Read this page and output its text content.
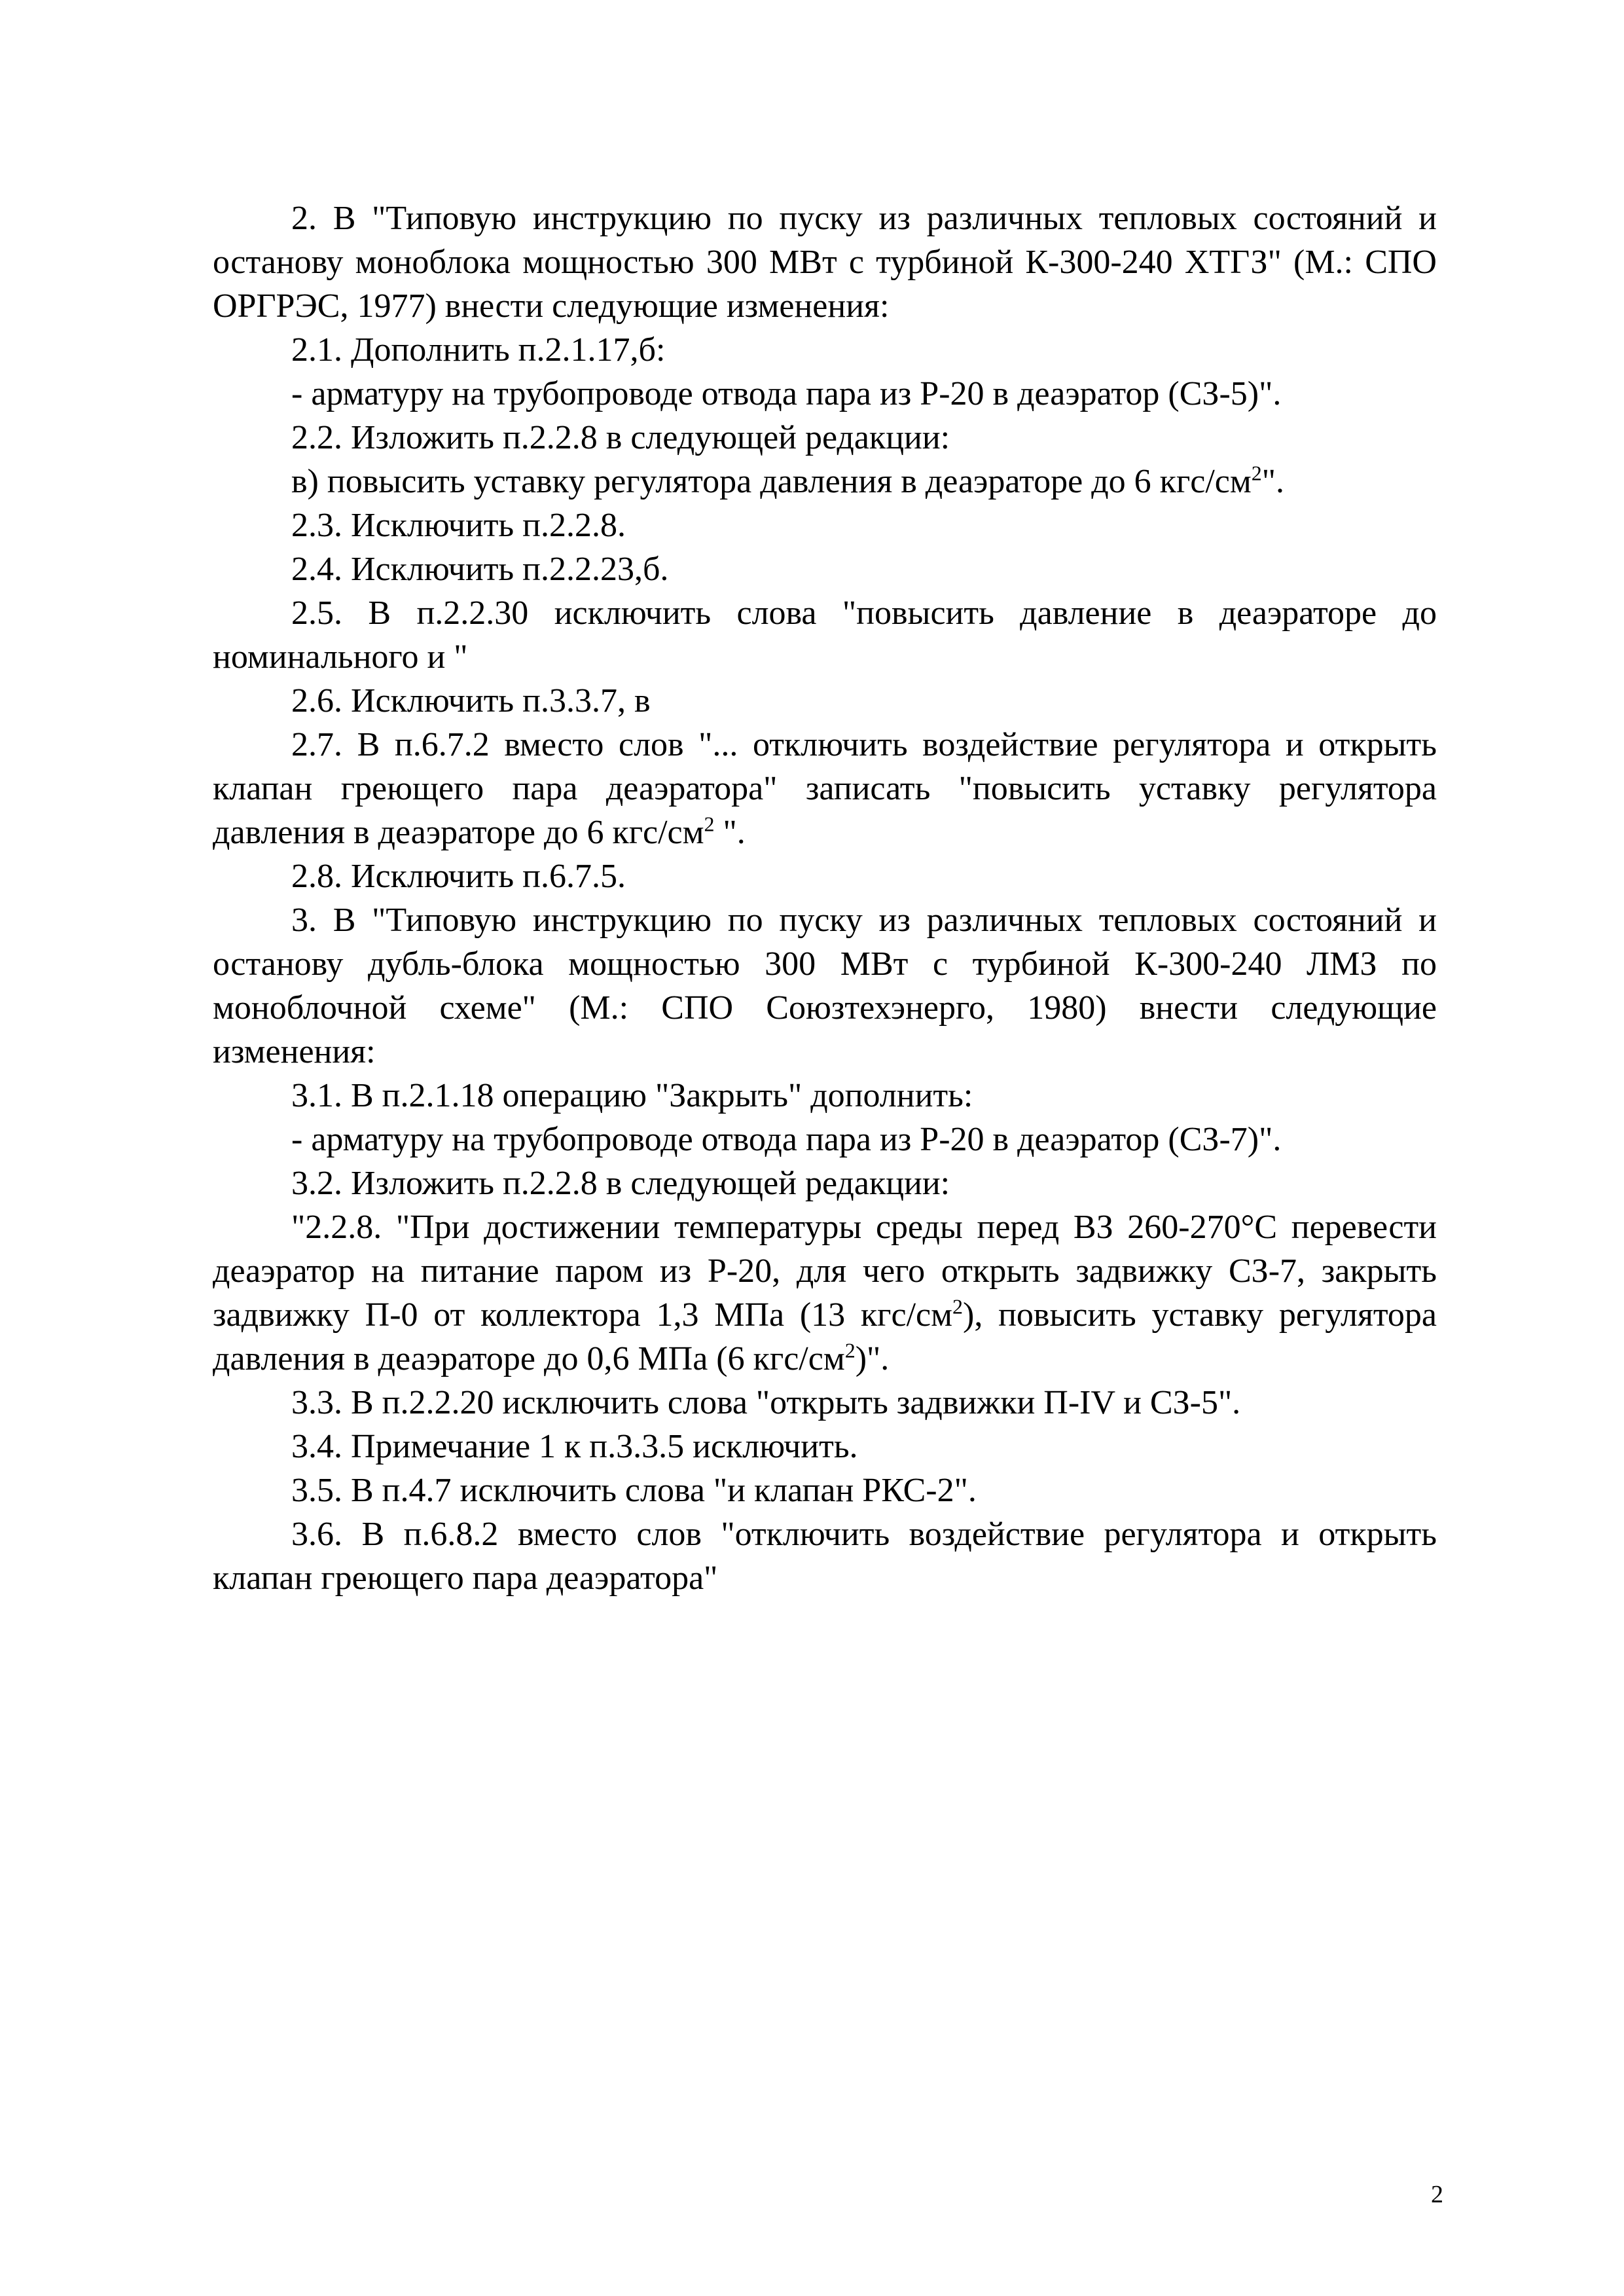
2. В "Типовую инструкцию по пуску из различных тепловых состояний и останову моноблока мощностью 300 МВт с турбиной К-300-240 ХТГЗ" (М.: СПО ОРГРЭС, 1977) внести следующие изменения:

2.1. Дополнить п.2.1.17,б:

- арматуру на трубопроводе отвода пара из Р-20 в деаэратор (СЗ-5)".

2.2. Изложить п.2.2.8 в следующей редакции:

в) повысить уставку регулятора давления в деаэраторе до 6 кгс/$см^2$".

2.3. Исключить п.2.2.8.

2.4. Исключить п.2.2.23,б.

2.5. В п.2.2.30 исключить слова "повысить давление в деаэраторе до номинального и "

2.6. Исключить п.3.3.7, в

2.7. В п.6.7.2 вместо слов "... отключить воздействие регулятора и открыть клапан греющего пара деаэратора" записать "повысить уставку регулятора давления в деаэраторе до 6 кгс/$см^2$ ".

2.8. Исключить п.6.7.5.

3. В "Типовую инструкцию по пуску из различных тепловых состояний и останову дубль-блока мощностью 300 МВт с турбиной К-300-240 ЛМЗ по моноблочной схеме" (М.: СПО Союзтехэнерго, 1980) внести следующие изменения:

3.1. В п.2.1.18 операцию "Закрыть" дополнить:

- арматуру на трубопроводе отвода пара из Р-20 в деаэратор (СЗ-7)".

3.2. Изложить п.2.2.8 в следующей редакции:

"2.2.8. "При достижении температуры среды перед ВЗ 260-270°С перевести деаэратор на питание паром из Р-20, для чего открыть задвижку СЗ-7, закрыть задвижку П-0 от коллектора 1,3 МПа (13 кгс/$см^2$), повысить уставку регулятора давления в деаэраторе до 0,6 МПа (6 кгс/$см^2$)".

3.3. В п.2.2.20 исключить слова "открыть задвижки П-IV и СЗ-5".

3.4. Примечание 1 к п.3.3.5 исключить.

3.5. В п.4.7 исключить слова "и клапан РКС-2".

3.6. В п.6.8.2 вместо слов "отключить воздействие регулятора и открыть клапан греющего пара деаэратора"

2
